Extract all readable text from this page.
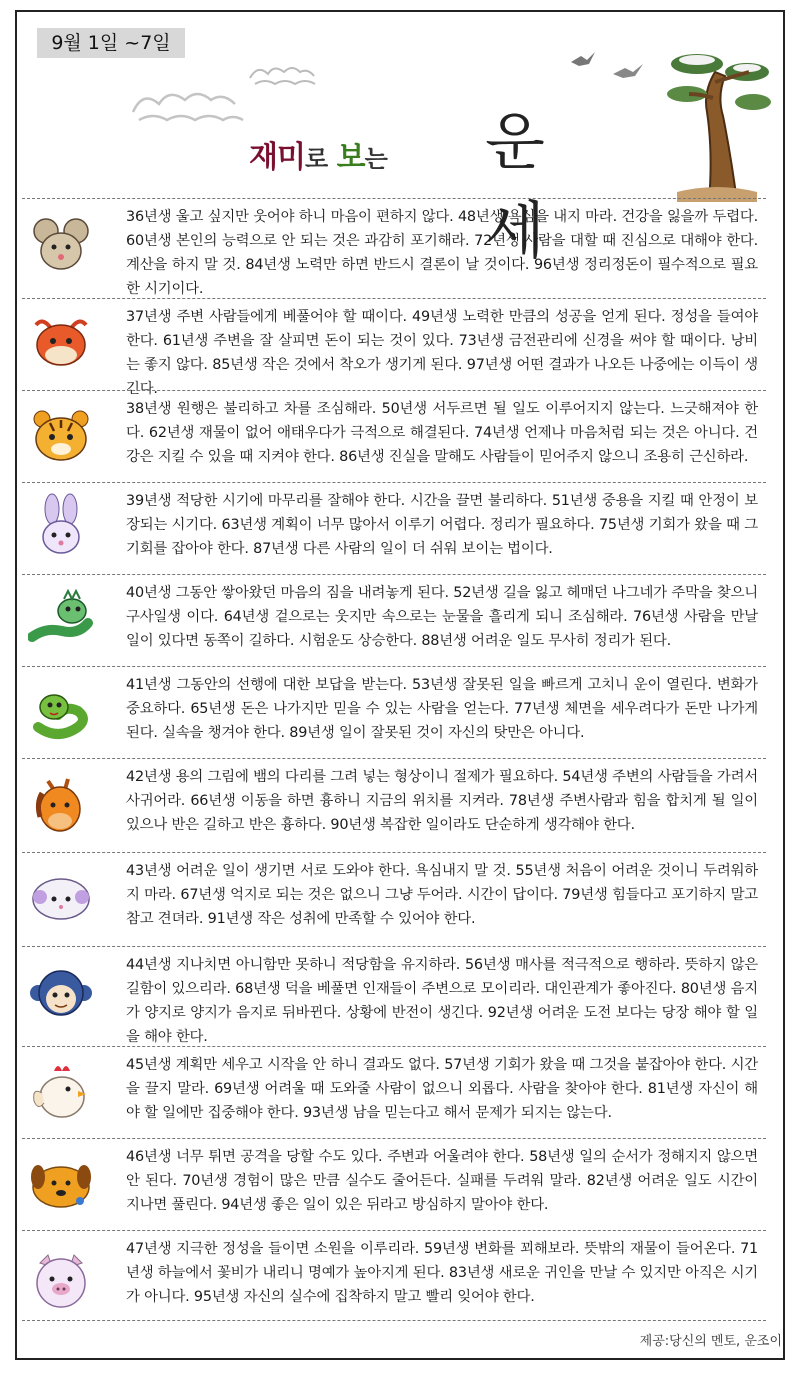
9월 1일 ~7일
재미로 보는 운세
36년생 울고 싶지만 웃어야 하니 마음이 편하지 않다. 48년생 욕심을 내지 마라. 건강을 잃을까 두렵다. 60년생 본인의 능력으로 안 되는 것은 과감히 포기해라. 72년생 사람을 대할 때 진심으로 대해야 한다. 계산을 하지 말 것. 84년생 노력만 하면 반드시 결론이 날 것이다. 96년생 정리정돈이 필수적으로 필요한 시기이다.
37년생 주변 사람들에게 베풀어야 할 때이다. 49년생 노력한 만큼의 성공을 얻게 된다. 정성을 들여야 한다. 61년생 주변을 잘 살피면 돈이 되는 것이 있다. 73년생 금전관리에 신경을 써야 할 때이다. 낭비는 좋지 않다. 85년생 작은 것에서 착오가 생기게 된다. 97년생 어떤 결과가 나오든 나중에는 이득이 생긴다.
38년생 원행은 불리하고 차를 조심해라. 50년생 서두르면 될 일도 이루어지지 않는다. 느긋해져야 한다. 62년생 재물이 없어 애태우다가 극적으로 해결된다. 74년생 언제나 마음처럼 되는 것은 아니다. 건강은 지킬 수 있을 때 지켜야 한다. 86년생 진실을 말해도 사람들이 믿어주지 않으니 조용히 근신하라.
39년생 적당한 시기에 마무리를 잘해야 한다. 시간을 끌면 불리하다. 51년생 중용을 지킬 때 안정이 보장되는 시기다. 63년생 계획이 너무 많아서 이루기 어렵다. 정리가 필요하다. 75년생 기회가 왔을 때 그 기회를 잡아야 한다. 87년생 다른 사람의 일이 더 쉬워 보이는 법이다.
40년생 그동안 쌓아왔던 마음의 짐을 내려놓게 된다. 52년생 길을 잃고 헤매던 나그네가 주막을 찾으니 구사일생 이다. 64년생 겉으로는 웃지만 속으로는 눈물을 흘리게 되니 조심해라. 76년생 사람을 만날 일이 있다면 동쪽이 길하다. 시험운도 상승한다. 88년생 어려운 일도 무사히 정리가 된다.
41년생 그동안의 선행에 대한 보답을 받는다. 53년생 잘못된 일을 빠르게 고치니 운이 열린다. 변화가 중요하다. 65년생 돈은 나가지만 믿을 수 있는 사람을 얻는다. 77년생 체면을 세우려다가 돈만 나가게 된다. 실속을 챙겨야 한다. 89년생 일이 잘못된 것이 자신의 탓만은 아니다.
42년생 용의 그림에 뱀의 다리를 그려 넣는 형상이니 절제가 필요하다. 54년생 주변의 사람들을 가려서 사귀어라. 66년생 이동을 하면 흉하니 지금의 위치를 지켜라. 78년생 주변사람과 힘을 합치게 될 일이 있으나 반은 길하고 반은 흉하다. 90년생 복잡한 일이라도 단순하게 생각해야 한다.
43년생 어려운 일이 생기면 서로 도와야 한다. 욕심내지 말 것. 55년생 처음이 어려운 것이니 두려워하지 마라. 67년생 억지로 되는 것은 없으니 그냥 두어라. 시간이 답이다. 79년생 힘들다고 포기하지 말고 참고 견뎌라. 91년생 작은 성취에 만족할 수 있어야 한다.
44년생 지나치면 아니함만 못하니 적당함을 유지하라. 56년생 매사를 적극적으로 행하라. 뜻하지 않은 길함이 있으리라. 68년생 덕을 베풀면 인재들이 주변으로 모이리라. 대인관계가 좋아진다. 80년생 음지가 양지로 양지가 음지로 뒤바뀐다. 상황에 반전이 생긴다. 92년생 어려운 도전 보다는 당장 해야 할 일을 해야 한다.
45년생 계획만 세우고 시작을 안 하니 결과도 없다. 57년생 기회가 왔을 때 그것을 붙잡아야 한다. 시간을 끌지 말라. 69년생 어려울 때 도와줄 사람이 없으니 외롭다. 사람을 찾아야 한다. 81년생 자신이 해야 할 일에만 집중해야 한다. 93년생 남을 믿는다고 해서 문제가 되지는 않는다.
46년생 너무 튀면 공격을 당할 수도 있다. 주변과 어울려야 한다. 58년생 일의 순서가 정해지지 않으면 안 된다. 70년생 경험이 많은 만큼 실수도 줄어든다. 실패를 두려워 말라. 82년생 어려운 일도 시간이 지나면 풀린다. 94년생 좋은 일이 있은 뒤라고 방심하지 말아야 한다.
47년생 지극한 정성을 들이면 소원을 이루리라. 59년생 변화를 꾀해보라. 뜻밖의 재물이 들어온다. 71년생 하늘에서 꽃비가 내리니 명예가 높아지게 된다. 83년생 새로운 귀인을 만날 수 있지만 아직은 시기가 아니다. 95년생 자신의 실수에 집착하지 말고 빨리 잊어야 한다.
제공:당신의 멘토, 운조이
